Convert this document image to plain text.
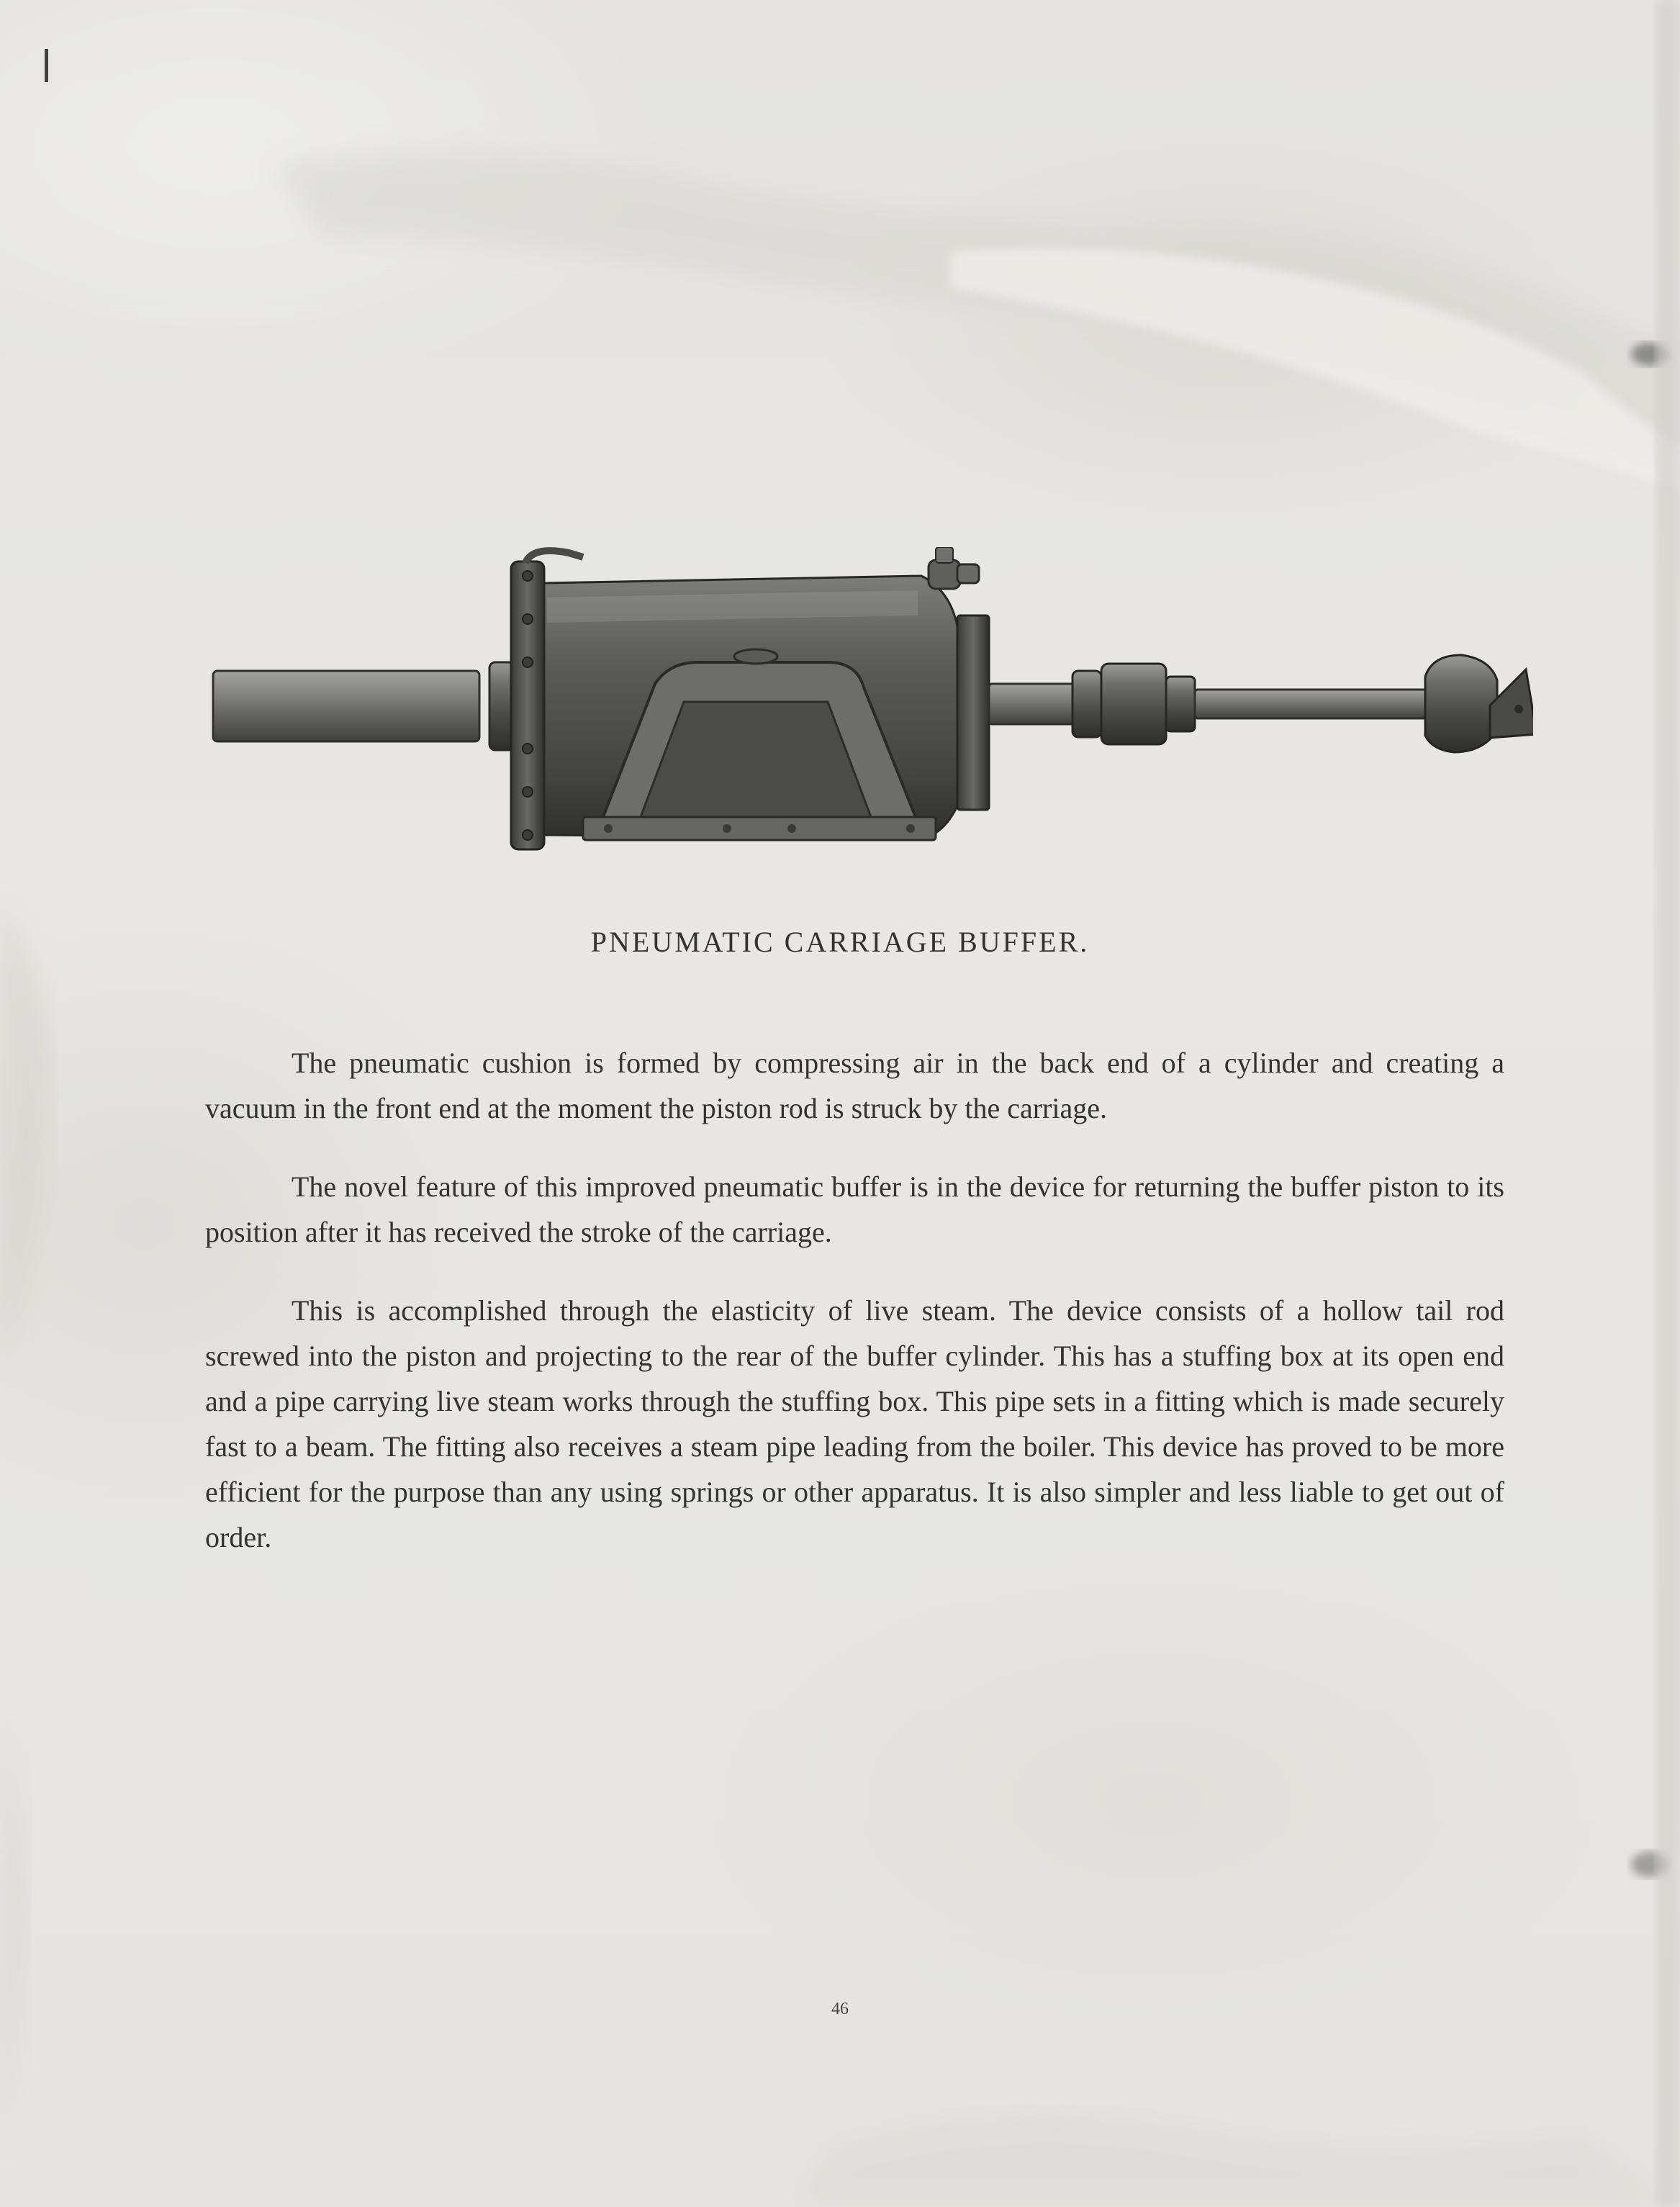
PNEUMATIC CARRIAGE BUFFER.

The pneumatic cushion is formed by compressing air in the back end of a cylinder and creating a vacuum in the front end at the moment the piston rod is struck by the carriage.

The novel feature of this improved pneumatic buffer is in the device for returning the buffer piston to its position after it has received the stroke of the carriage.

This is accomplished through the elasticity of live steam. The device consists of a hollow tail rod screwed into the piston and projecting to the rear of the buffer cylinder. This has a stuffing box at its open end and a pipe carrying live steam works through the stuffing box. This pipe sets in a fitting which is made securely fast to a beam. The fitting also receives a steam pipe leading from the boiler. This device has proved to be more efficient for the purpose than any using springs or other apparatus. It is also simpler and less liable to get out of order.

46
